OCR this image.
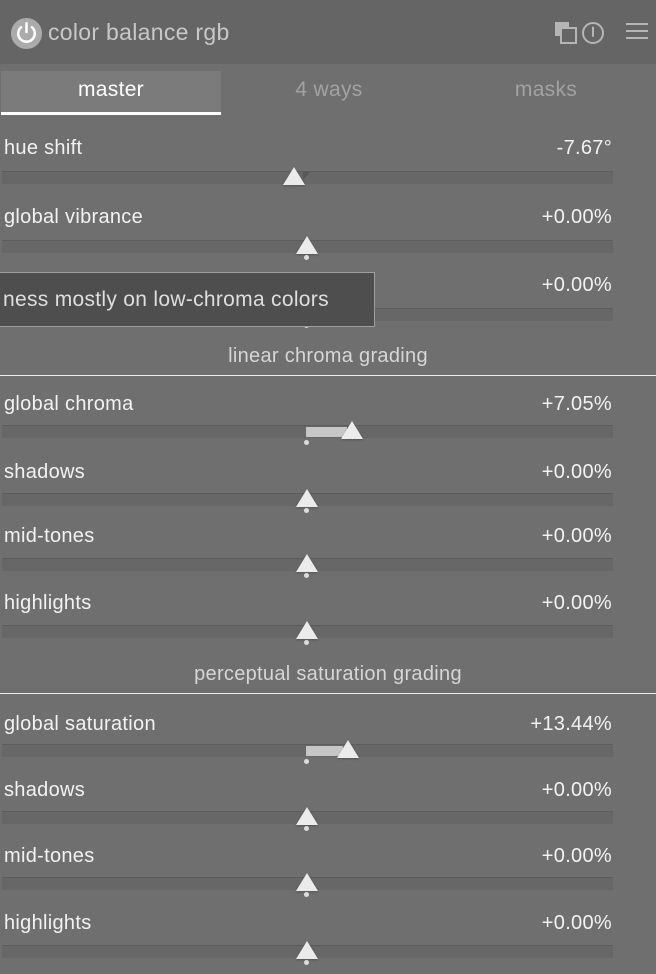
color balance rgb
master	4 ways	masks
hue shift	-7.67°
global vibrance	+0.00%
+0.00%
linear chroma grading
global chroma	+7.05%
shadows	+0.00%
mid-tones	+0.00%
highlights	+0.00%
perceptual saturation grading
global saturation	+13.44%
shadows	+0.00%
mid-tones	+0.00%
highlights	+0.00%
ness mostly on low-chroma colors
